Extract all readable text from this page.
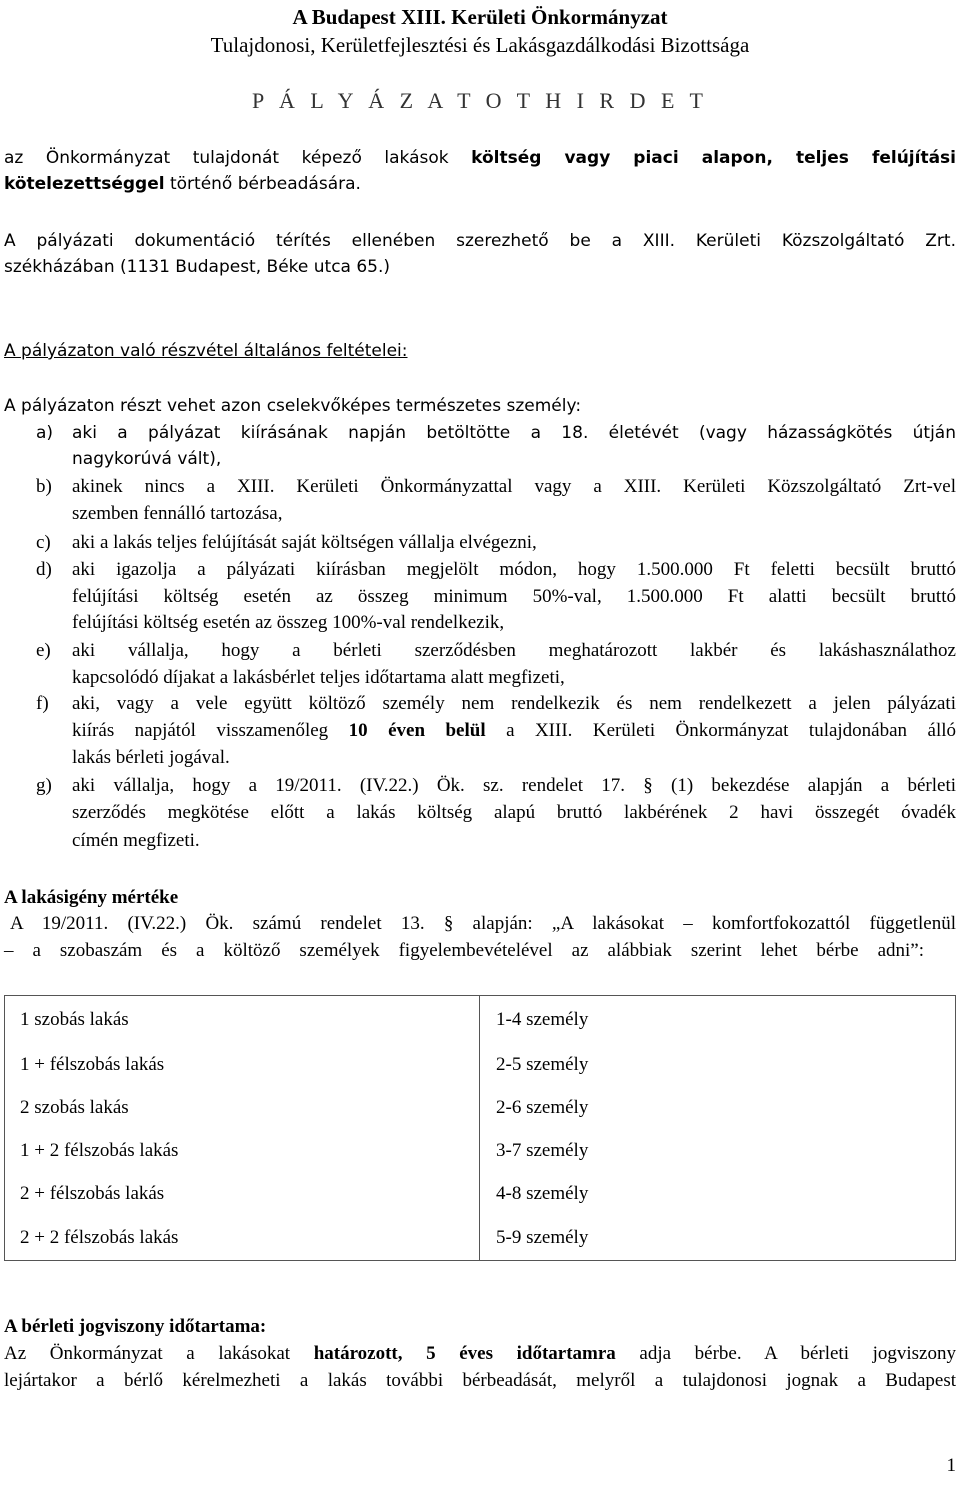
A Budapest XIII. Kerületi Önkormányzat
Tulajdonosi, Kerületfejlesztési és Lakásgazdálkodási Bizottsága
P Á L Y Á Z A T O T H I R D E T
az Önkormányzat tulajdonát képező lakások költség vagy piaci alapon, teljes felújítási
kötelezettséggel történő bérbeadására.
A pályázati dokumentáció térítés ellenében szerezhető be a XIII. Kerületi Közszolgáltató Zrt.
székházában (1131 Budapest, Béke utca 65.)
A pályázaton való részvétel általános feltételei:
A pályázaton részt vehet azon cselekvőképes természetes személy:
a) aki a pályázat kiírásának napján betöltötte a 18. életévét (vagy házasságkötés útján
nagykorúvá vált),
b) akinek nincs a XIII. Kerületi Önkormányzattal vagy a XIII. Kerületi Közszolgáltató Zrt-vel
szemben fennálló tartozása,
c) aki a lakás teljes felújítását saját költségen vállalja elvégezni,
d) aki igazolja a pályázati kiírásban megjelölt módon, hogy 1.500.000 Ft feletti becsült bruttó
felújítási költség esetén az összeg minimum 50%-val, 1.500.000 Ft alatti becsült bruttó
felújítási költség esetén az összeg 100%-val rendelkezik,
e) aki vállalja, hogy a bérleti szerződésben meghatározott lakbér és lakáshasználathoz
kapcsolódó díjakat a lakásbérlet teljes időtartama alatt megfizeti,
f) aki, vagy a vele együtt költöző személy nem rendelkezik és nem rendelkezett a jelen pályázati
kiírás napjától visszamenőleg 10 éven belül a XIII. Kerületi Önkormányzat tulajdonában álló
lakás bérleti jogával.
g) aki vállalja, hogy a 19/2011. (IV.22.) Ök. sz. rendelet 17. § (1) bekezdése alapján a bérleti
szerződés megkötése előtt a lakás költség alapú bruttó lakbérének 2 havi összegét óvadék
címén megfizeti.
A lakásigény mértéke
A 19/2011. (IV.22.) Ök. számú rendelet 13. § alapján: „A lakásokat – komfortfokozattól függetlenül
– a szobaszám és a költöző személyek figyelembevételével az alábbiak szerint lehet bérbe adni”:
1 szobás lakás	1-4 személy
1 + félszobás lakás	2-5 személy
2 szobás lakás	2-6 személy
1 + 2 félszobás lakás	3-7 személy
2 + félszobás lakás	4-8 személy
2 + 2 félszobás lakás	5-9 személy
A bérleti jogviszony időtartama:
Az Önkormányzat a lakásokat határozott, 5 éves időtartamra adja bérbe. A bérleti jogviszony
lejártakor a bérlő kérelmezheti a lakás további bérbeadását, melyről a tulajdonosi jognak a Budapest
1
